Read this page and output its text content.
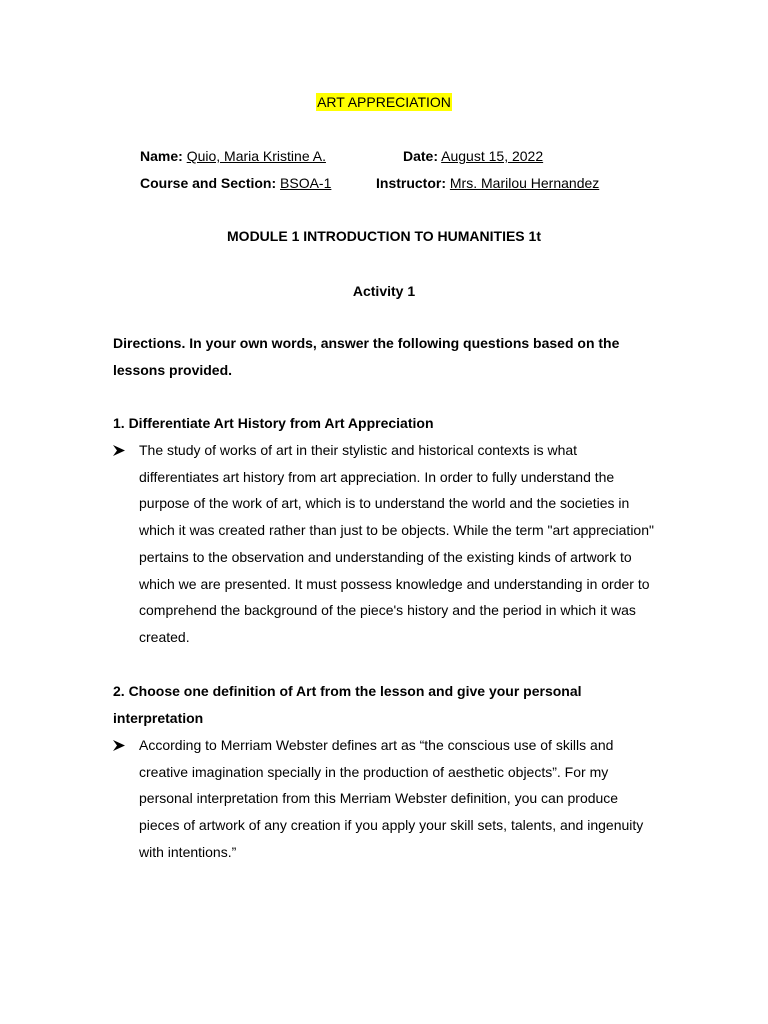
ART APPRECIATION
Name: Quio, Maria Kristine A.	Date: August 15, 2022
Course and Section: BSOA-1	Instructor: Mrs. Marilou Hernandez
MODULE 1 INTRODUCTION TO HUMANITIES 1t
Activity 1
Directions. In your own words, answer the following questions based on the lessons provided.
1. Differentiate Art History from Art Appreciation
The study of works of art in their stylistic and historical contexts is what differentiates art history from art appreciation. In order to fully understand the purpose of the work of art, which is to understand the world and the societies in which it was created rather than just to be objects. While the term "art appreciation" pertains to the observation and understanding of the existing kinds of artwork to which we are presented. It must possess knowledge and understanding in order to comprehend the background of the piece's history and the period in which it was created.
2. Choose one definition of Art from the lesson and give your personal interpretation
According to Merriam Webster defines art as “the conscious use of skills and creative imagination specially in the production of aesthetic objects”. For my personal interpretation from this Merriam Webster definition, you can produce pieces of artwork of any creation if you apply your skill sets, talents, and ingenuity with intentions.”
